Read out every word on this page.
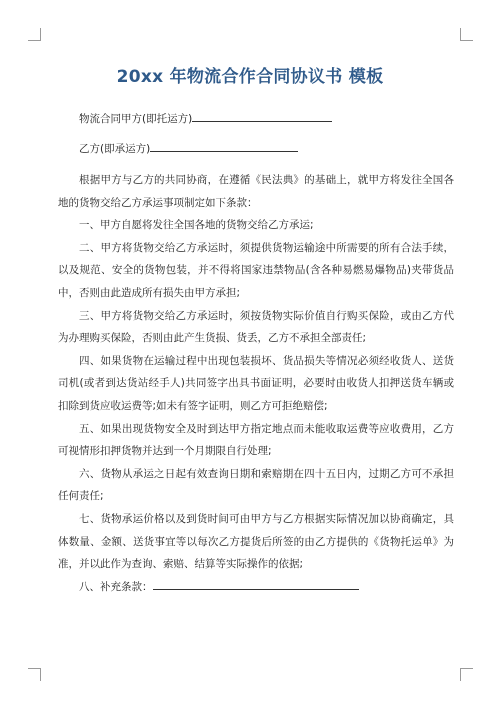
20xx 年物流合作合同协议书 模板

物流合同甲方(即托运方)

乙方(即承运方)

根据甲方与乙方的共同协商，在遵循《民法典》的基础上，就甲方将发往全国各地的货物交给乙方承运事项制定如下条款：

一、甲方自愿将发往全国各地的货物交给乙方承运;

二、甲方将货物交给乙方承运时，须提供货物运输途中所需要的所有合法手续，以及规范、安全的货物包装，并不得将国家违禁物品(含各种易燃易爆物品)夹带货品中，否则由此造成所有损失由甲方承担;

三、甲方将货物交给乙方承运时，须按货物实际价值自行购买保险，或由乙方代为办理购买保险，否则由此产生货损、货丢，乙方不承担全部责任;

四、如果货物在运输过程中出现包装损坏、货品损失等情况必须经收货人、送货司机(或者到达货站经手人)共同签字出具书面证明，必要时由收货人扣押送货车辆或扣除到货应收运费等;如未有签字证明，则乙方可拒绝赔偿;

五、如果出现货物安全及时到达甲方指定地点而未能收取运费等应收费用，乙方可视情形扣押货物并达到一个月期限自行处理;

六、货物从承运之日起有效查询日期和索赔期在四十五日内，过期乙方可不承担任何责任;

七、货物承运价格以及到货时间可由甲方与乙方根据实际情况加以协商确定，具体数量、金额、送货事宜等以每次乙方提货后所签的由乙方提供的《货物托运单》为准，并以此作为查询、索赔、结算等实际操作的依据;

八、补充条款：
